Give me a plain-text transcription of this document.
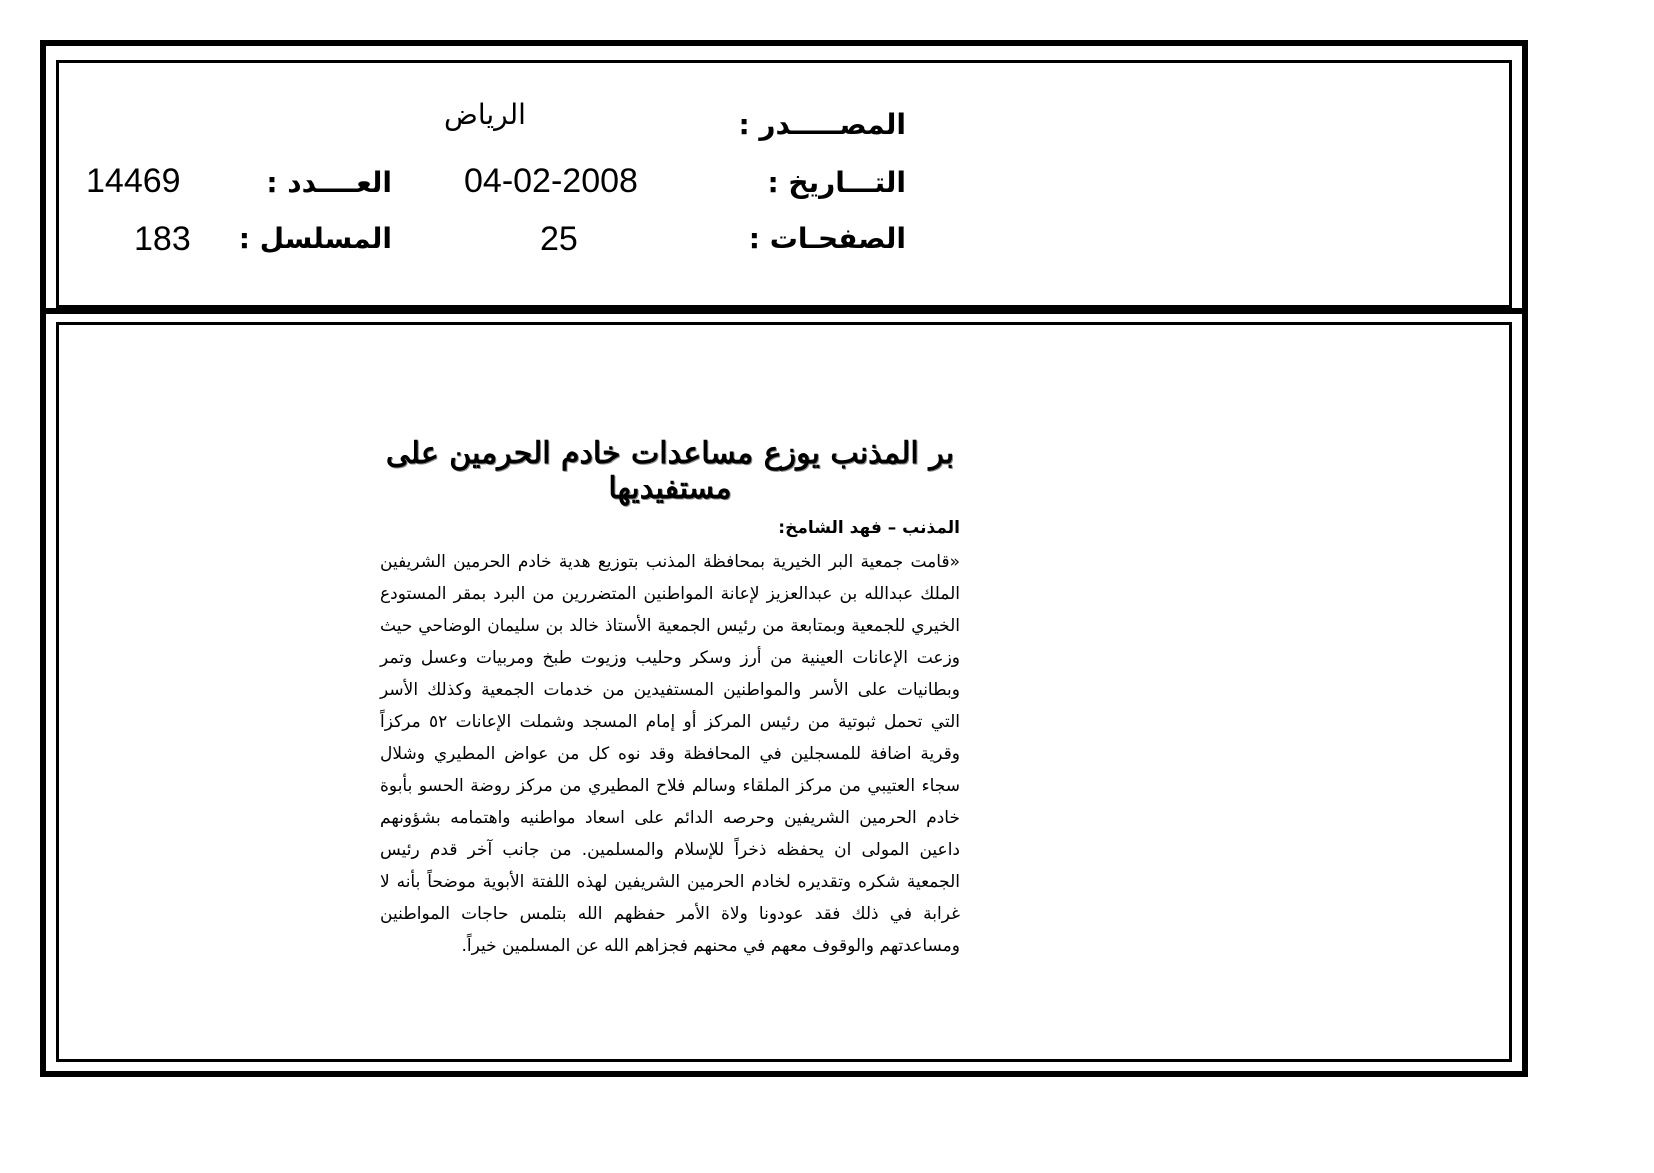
المصـــــدر :
الرياض
التـــاريخ :
04-02-2008
الصفحـات :
25
العــــدد :
14469
المسلسل :
183
بر المذنب يوزع مساعدات خادم الحرمين على مستفيديها
المذنب – فهد الشامخ:

«قامت جمعية البر الخيرية بمحافظة المذنب بتوزيع هدية خادم الحرمين الشريفين الملك عبدالله بن عبدالعزيز لإعانة المواطنين المتضررين من البرد بمقر المستودع الخيري للجمعية وبمتابعة من رئيس الجمعية الأستاذ خالد بن سليمان الوضاحي حيث وزعت الإعانات العينية من أرز وسكر وحليب وزيوت طبخ ومربيات وعسل وتمر وبطانيات على الأسر والمواطنين المستفيدين من خدمات الجمعية وكذلك الأسر التي تحمل ثبوتية من رئيس المركز أو إمام المسجد وشملت الإعانات ٥٢ مركزاً وقرية اضافة للمسجلين في المحافظة وقد نوه كل من عواض المطيري وشلال سجاء العتيبي من مركز الملقاء وسالم فلاح المطيري من مركز روضة الحسو بأبوة خادم الحرمين الشريفين وحرصه الدائم على اسعاد مواطنيه واهتمامه بشؤونهم داعين المولى ان يحفظه ذخراً للإسلام والمسلمين. من جانب آخر قدم رئيس الجمعية شكره وتقديره لخادم الحرمين الشريفين لهذه اللفتة الأبوية موضحاً بأنه لا غرابة في ذلك فقد عودونا ولاة الأمر حفظهم الله بتلمس حاجات المواطنين ومساعدتهم والوقوف معهم في محنهم فجزاهم الله عن المسلمين خيراً.
